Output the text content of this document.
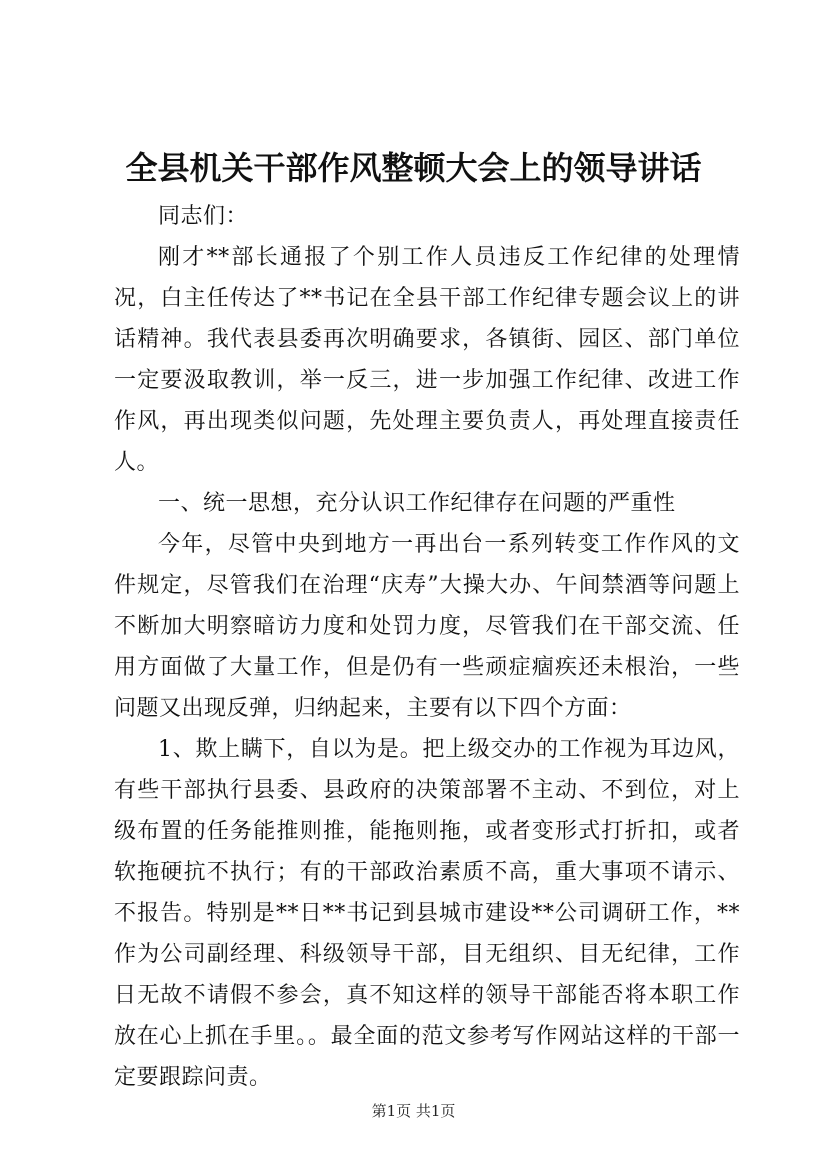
全县机关干部作风整顿大会上的领导讲话

同志们：

刚才**部长通报了个别工作人员违反工作纪律的处理情况，白主任传达了**书记在全县干部工作纪律专题会议上的讲话精神。我代表县委再次明确要求，各镇街、园区、部门单位一定要汲取教训，举一反三，进一步加强工作纪律、改进工作作风，再出现类似问题，先处理主要负责人，再处理直接责任人。

一、统一思想，充分认识工作纪律存在问题的严重性

今年，尽管中央到地方一再出台一系列转变工作作风的文件规定，尽管我们在治理“庆寿”大操大办、午间禁酒等问题上不断加大明察暗访力度和处罚力度，尽管我们在干部交流、任用方面做了大量工作，但是仍有一些顽症痼疾还未根治，一些问题又出现反弹，归纳起来，主要有以下四个方面：

1、欺上瞒下，自以为是。把上级交办的工作视为耳边风，有些干部执行县委、县政府的决策部署不主动、不到位，对上级布置的任务能推则推，能拖则拖，或者变形式打折扣，或者软拖硬抗不执行；有的干部政治素质不高，重大事项不请示、不报告。特别是**日**书记到县城市建设**公司调研工作，**作为公司副经理、科级领导干部，目无组织、目无纪律，工作日无故不请假不参会，真不知这样的领导干部能否将本职工作放在心上抓在手里。。最全面的范文参考写作网站这样的干部一定要跟踪问责。

第1页 共1页
